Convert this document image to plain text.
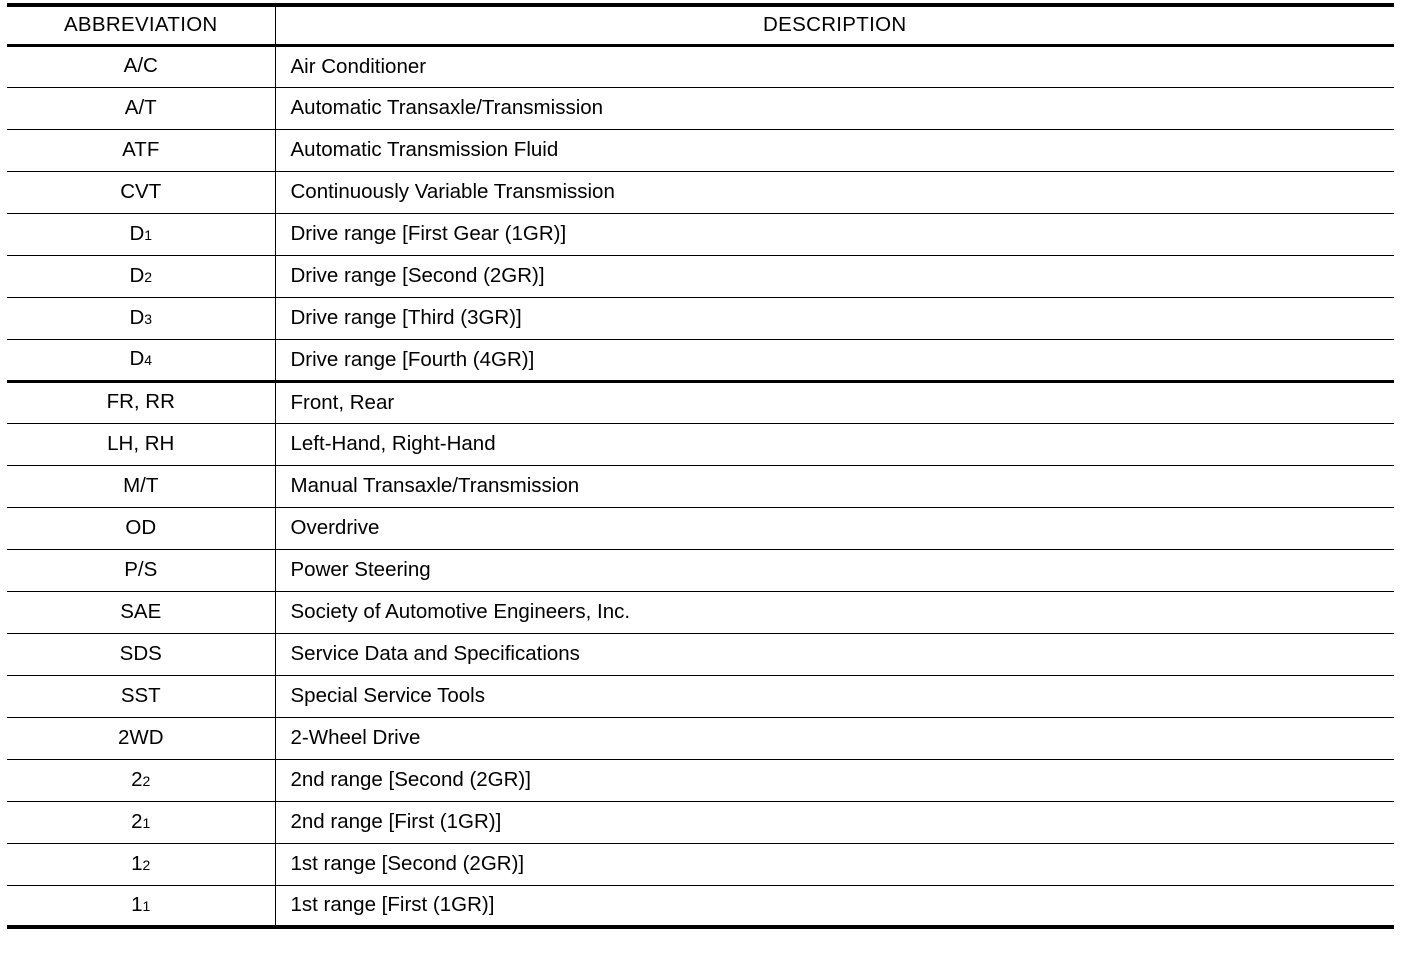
ABBREVIATION	DESCRIPTION
A/C	Air Conditioner
A/T	Automatic Transaxle/Transmission
ATF	Automatic Transmission Fluid
CVT	Continuously Variable Transmission
D1	Drive range [First Gear (1GR)]
D2	Drive range [Second (2GR)]
D3	Drive range [Third (3GR)]
D4	Drive range [Fourth (4GR)]
FR, RR	Front, Rear
LH, RH	Left-Hand, Right-Hand
M/T	Manual Transaxle/Transmission
OD	Overdrive
P/S	Power Steering
SAE	Society of Automotive Engineers, Inc.
SDS	Service Data and Specifications
SST	Special Service Tools
2WD	2-Wheel Drive
22	2nd range [Second (2GR)]
21	2nd range [First (1GR)]
12	1st range [Second (2GR)]
11	1st range [First (1GR)]
